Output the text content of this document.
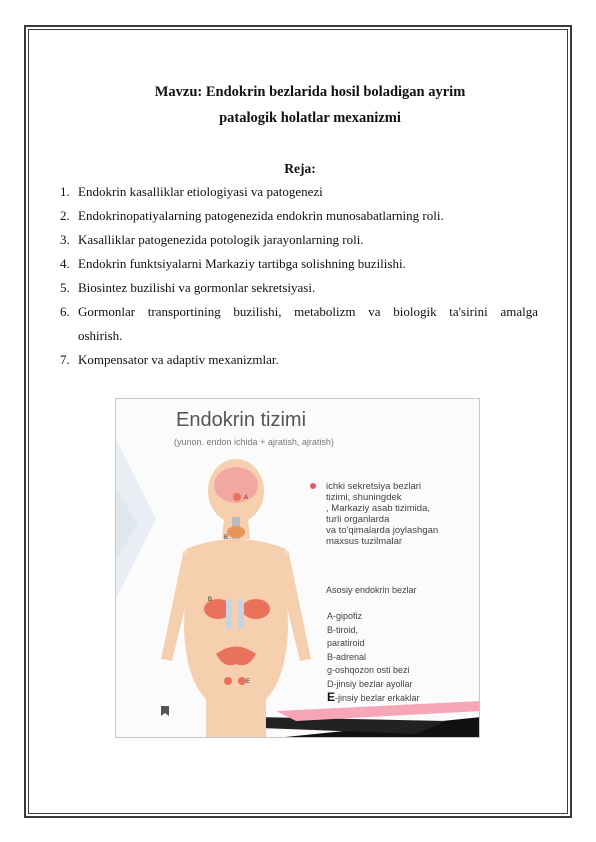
Mavzu: Endokrin bezlarida hosil boladigan ayrim
patalogik holatlar mexanizmi
Reja:
1. Endokrin kasalliklar etiologiyasi va patogenezi
2. Endokrinopatiyalarning patogenezida endokrin munosabatlarning roli.
3. Kasalliklar patogenezida potologik jarayonlarning roli.
4. Endokrin funktsiyalarni Markaziy tartibga solishning buzilishi.
5. Biosintez buzilishi va gormonlar sekretsiyasi.
6. Gormonlar transportining buzilishi, metabolizm va biologik ta'sirini amalga
oshirish.
7. Kompensator va adaptiv mexanizmlar.
A
B
B
E
Endokrin tizimi
(yunon. endon ichida + ajratish, ajratish)
ichki sekretsiya bezlari
tizimi, shuningdek
, Markaziy asab tizimida,
turli organlarda
va to'qimalarda joylashgan
maxsus tuzilmalar
Asosiy endokrin bezlar
A-gipofiz
B-tiroid,
paratiroid
B-adrenal
g-oshqozon osti bezi
D-jinsiy bezlar ayollar
E-jinsiy bezlar erkaklar
